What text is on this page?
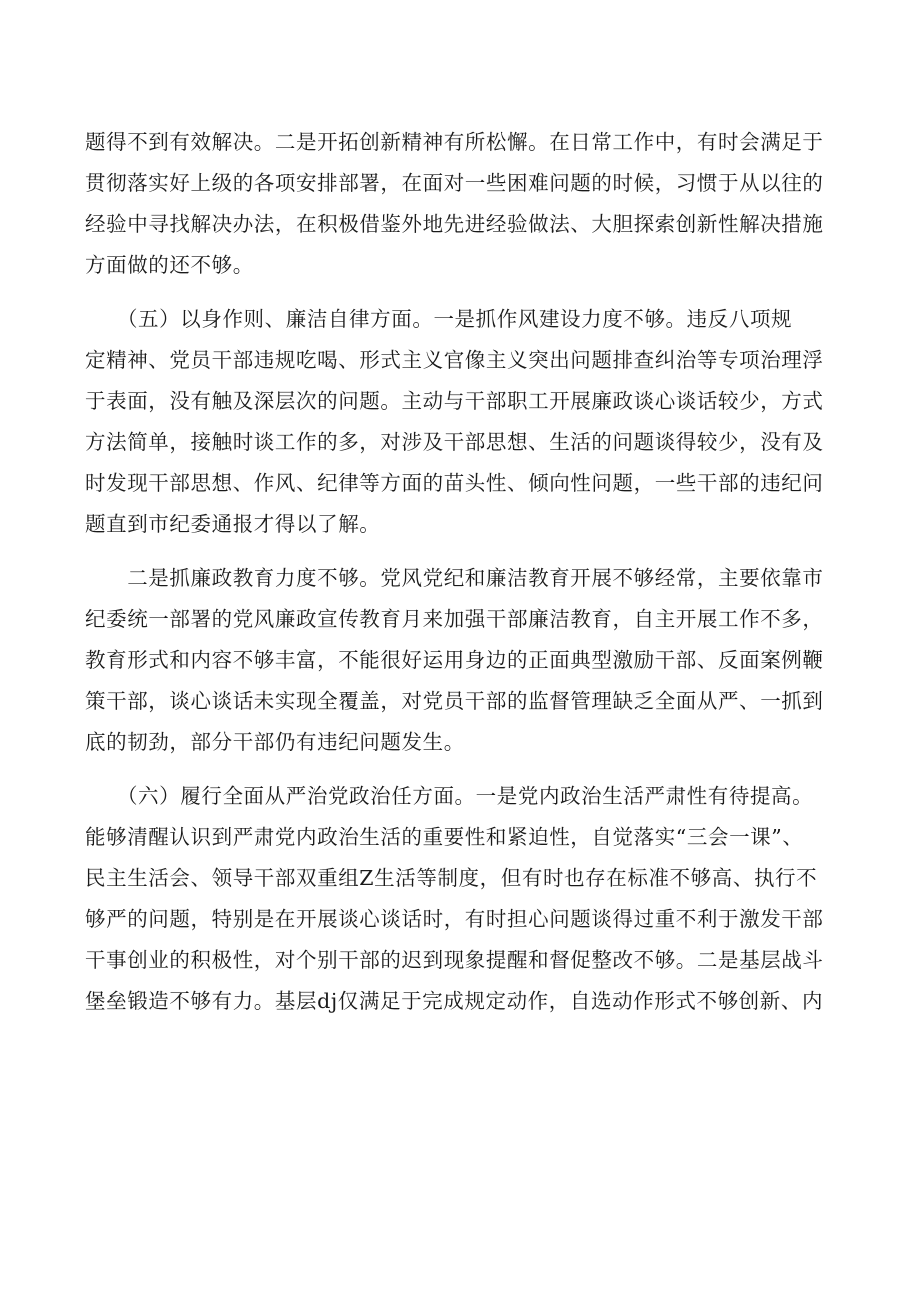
题得不到有效解决。二是开拓创新精神有所松懈。在日常工作中，有时会满足于
贯彻落实好上级的各项安排部署，在面对一些困难问题的时候，习惯于从以往的
经验中寻找解决办法，在积极借鉴外地先进经验做法、大胆探索创新性解决措施
方面做的还不够。
　　（五）以身作则、廉洁自律方面。一是抓作风建设力度不够。违反八项规
定精神、党员干部违规吃喝、形式主义官像主义突出问题排查纠治等专项治理浮
于表面，没有触及深层次的问题。主动与干部职工开展廉政谈心谈话较少，方式
方法简单，接触时谈工作的多，对涉及干部思想、生活的问题谈得较少，没有及
时发现干部思想、作风、纪律等方面的苗头性、倾向性问题，一些干部的违纪问
题直到市纪委通报才得以了解。
　　二是抓廉政教育力度不够。党风党纪和廉洁教育开展不够经常，主要依靠市
纪委统一部署的党风廉政宣传教育月来加强干部廉洁教育，自主开展工作不多，
教育形式和内容不够丰富，不能很好运用身边的正面典型激励干部、反面案例鞭
策干部，谈心谈话未实现全覆盖，对党员干部的监督管理缺乏全面从严、一抓到
底的韧劲，部分干部仍有违纪问题发生。
　　（六）履行全面从严治党政治任方面。一是党内政治生活严肃性有待提高。
能够清醒认识到严肃党内政治生活的重要性和紧迫性，自觉落实“三会一课”、
民主生活会、领导干部双重组Z生活等制度，但有时也存在标准不够高、执行不
够严的问题，特别是在开展谈心谈话时，有时担心问题谈得过重不利于激发干部
干事创业的积极性，对个别干部的迟到现象提醒和督促整改不够。二是基层战斗
堡垒锻造不够有力。基层dj仅满足于完成规定动作，自选动作形式不够创新、内
